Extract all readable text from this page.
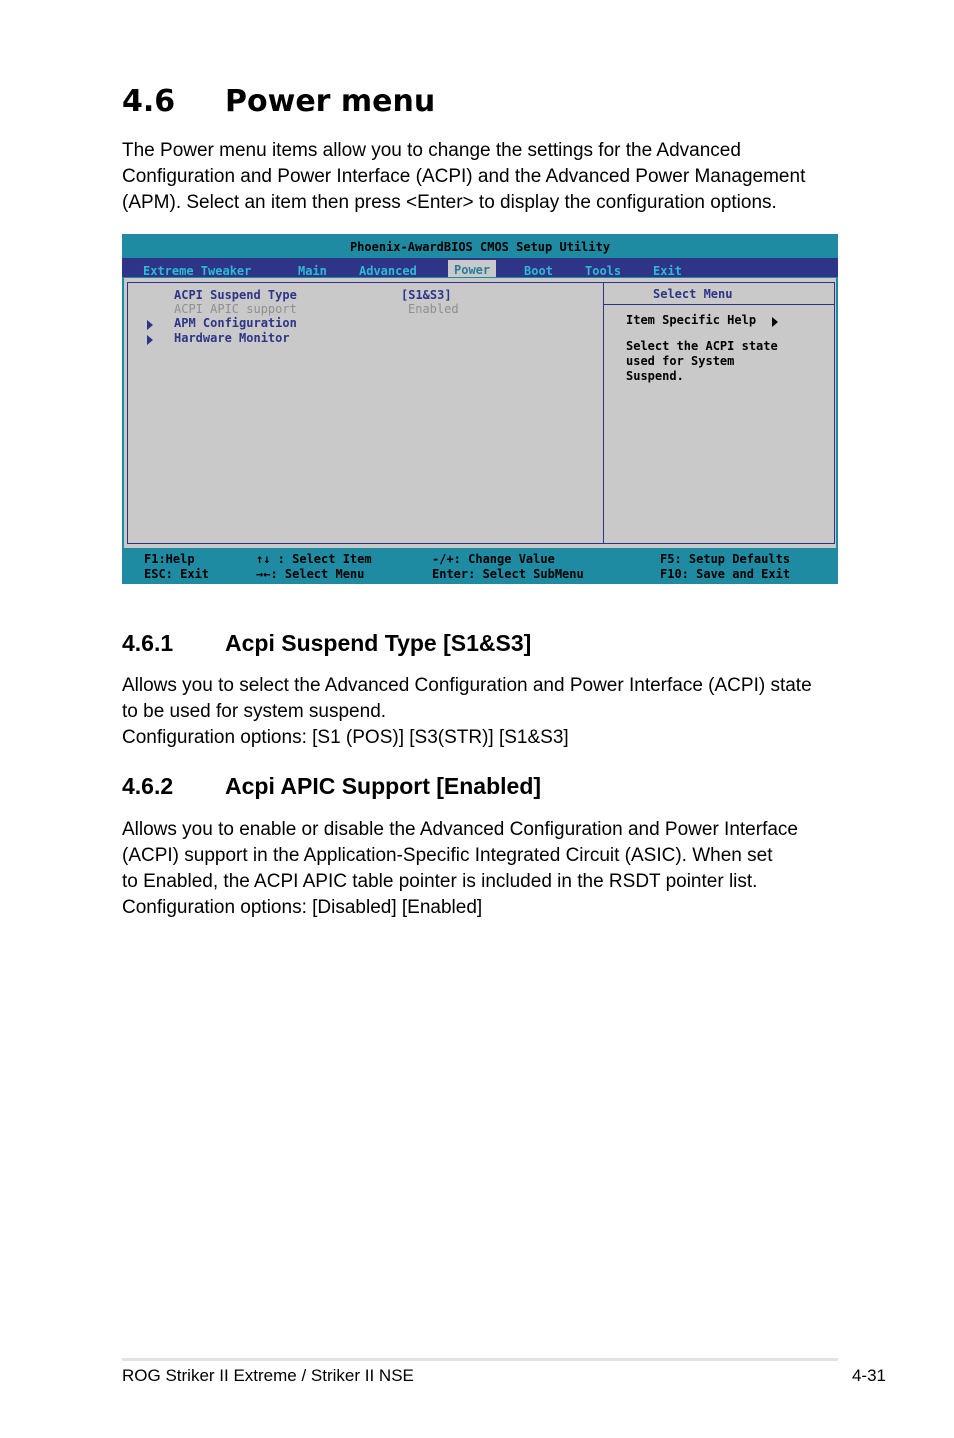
4.6	Power menu

The Power menu items allow you to change the settings for the Advanced
Configuration and Power Interface (ACPI) and the Advanced Power Management
(APM). Select an item then press <Enter> to display the configuration options.

Phoenix-AwardBIOS CMOS Setup Utility
Extreme Tweaker	Main	Advanced	Power	Boot	Tools	Exit
ACPI Suspend Type	[S1&S3]
ACPI APIC support	Enabled
APM Configuration
Hardware Monitor
Select Menu
Item Specific Help
Select the ACPI state
used for System
Suspend.
F1:Help	↑↓ : Select Item	-/+: Change Value	F5: Setup Defaults
ESC: Exit	→←: Select Menu	Enter: Select SubMenu	F10: Save and Exit
4.6.1	Acpi Suspend Type [S1&S3]

Allows you to select the Advanced Configuration and Power Interface (ACPI) state
to be used for system suspend.
Configuration options: [S1 (POS)] [S3(STR)] [S1&S3]

4.6.2	Acpi APIC Support [Enabled]

Allows you to enable or disable the Advanced Configuration and Power Interface
(ACPI) support in the Application-Specific Integrated Circuit (ASIC). When set
to Enabled, the ACPI APIC table pointer is included in the RSDT pointer list.
Configuration options: [Disabled] [Enabled]

ROG Striker II Extreme / Striker II NSE	4-31
